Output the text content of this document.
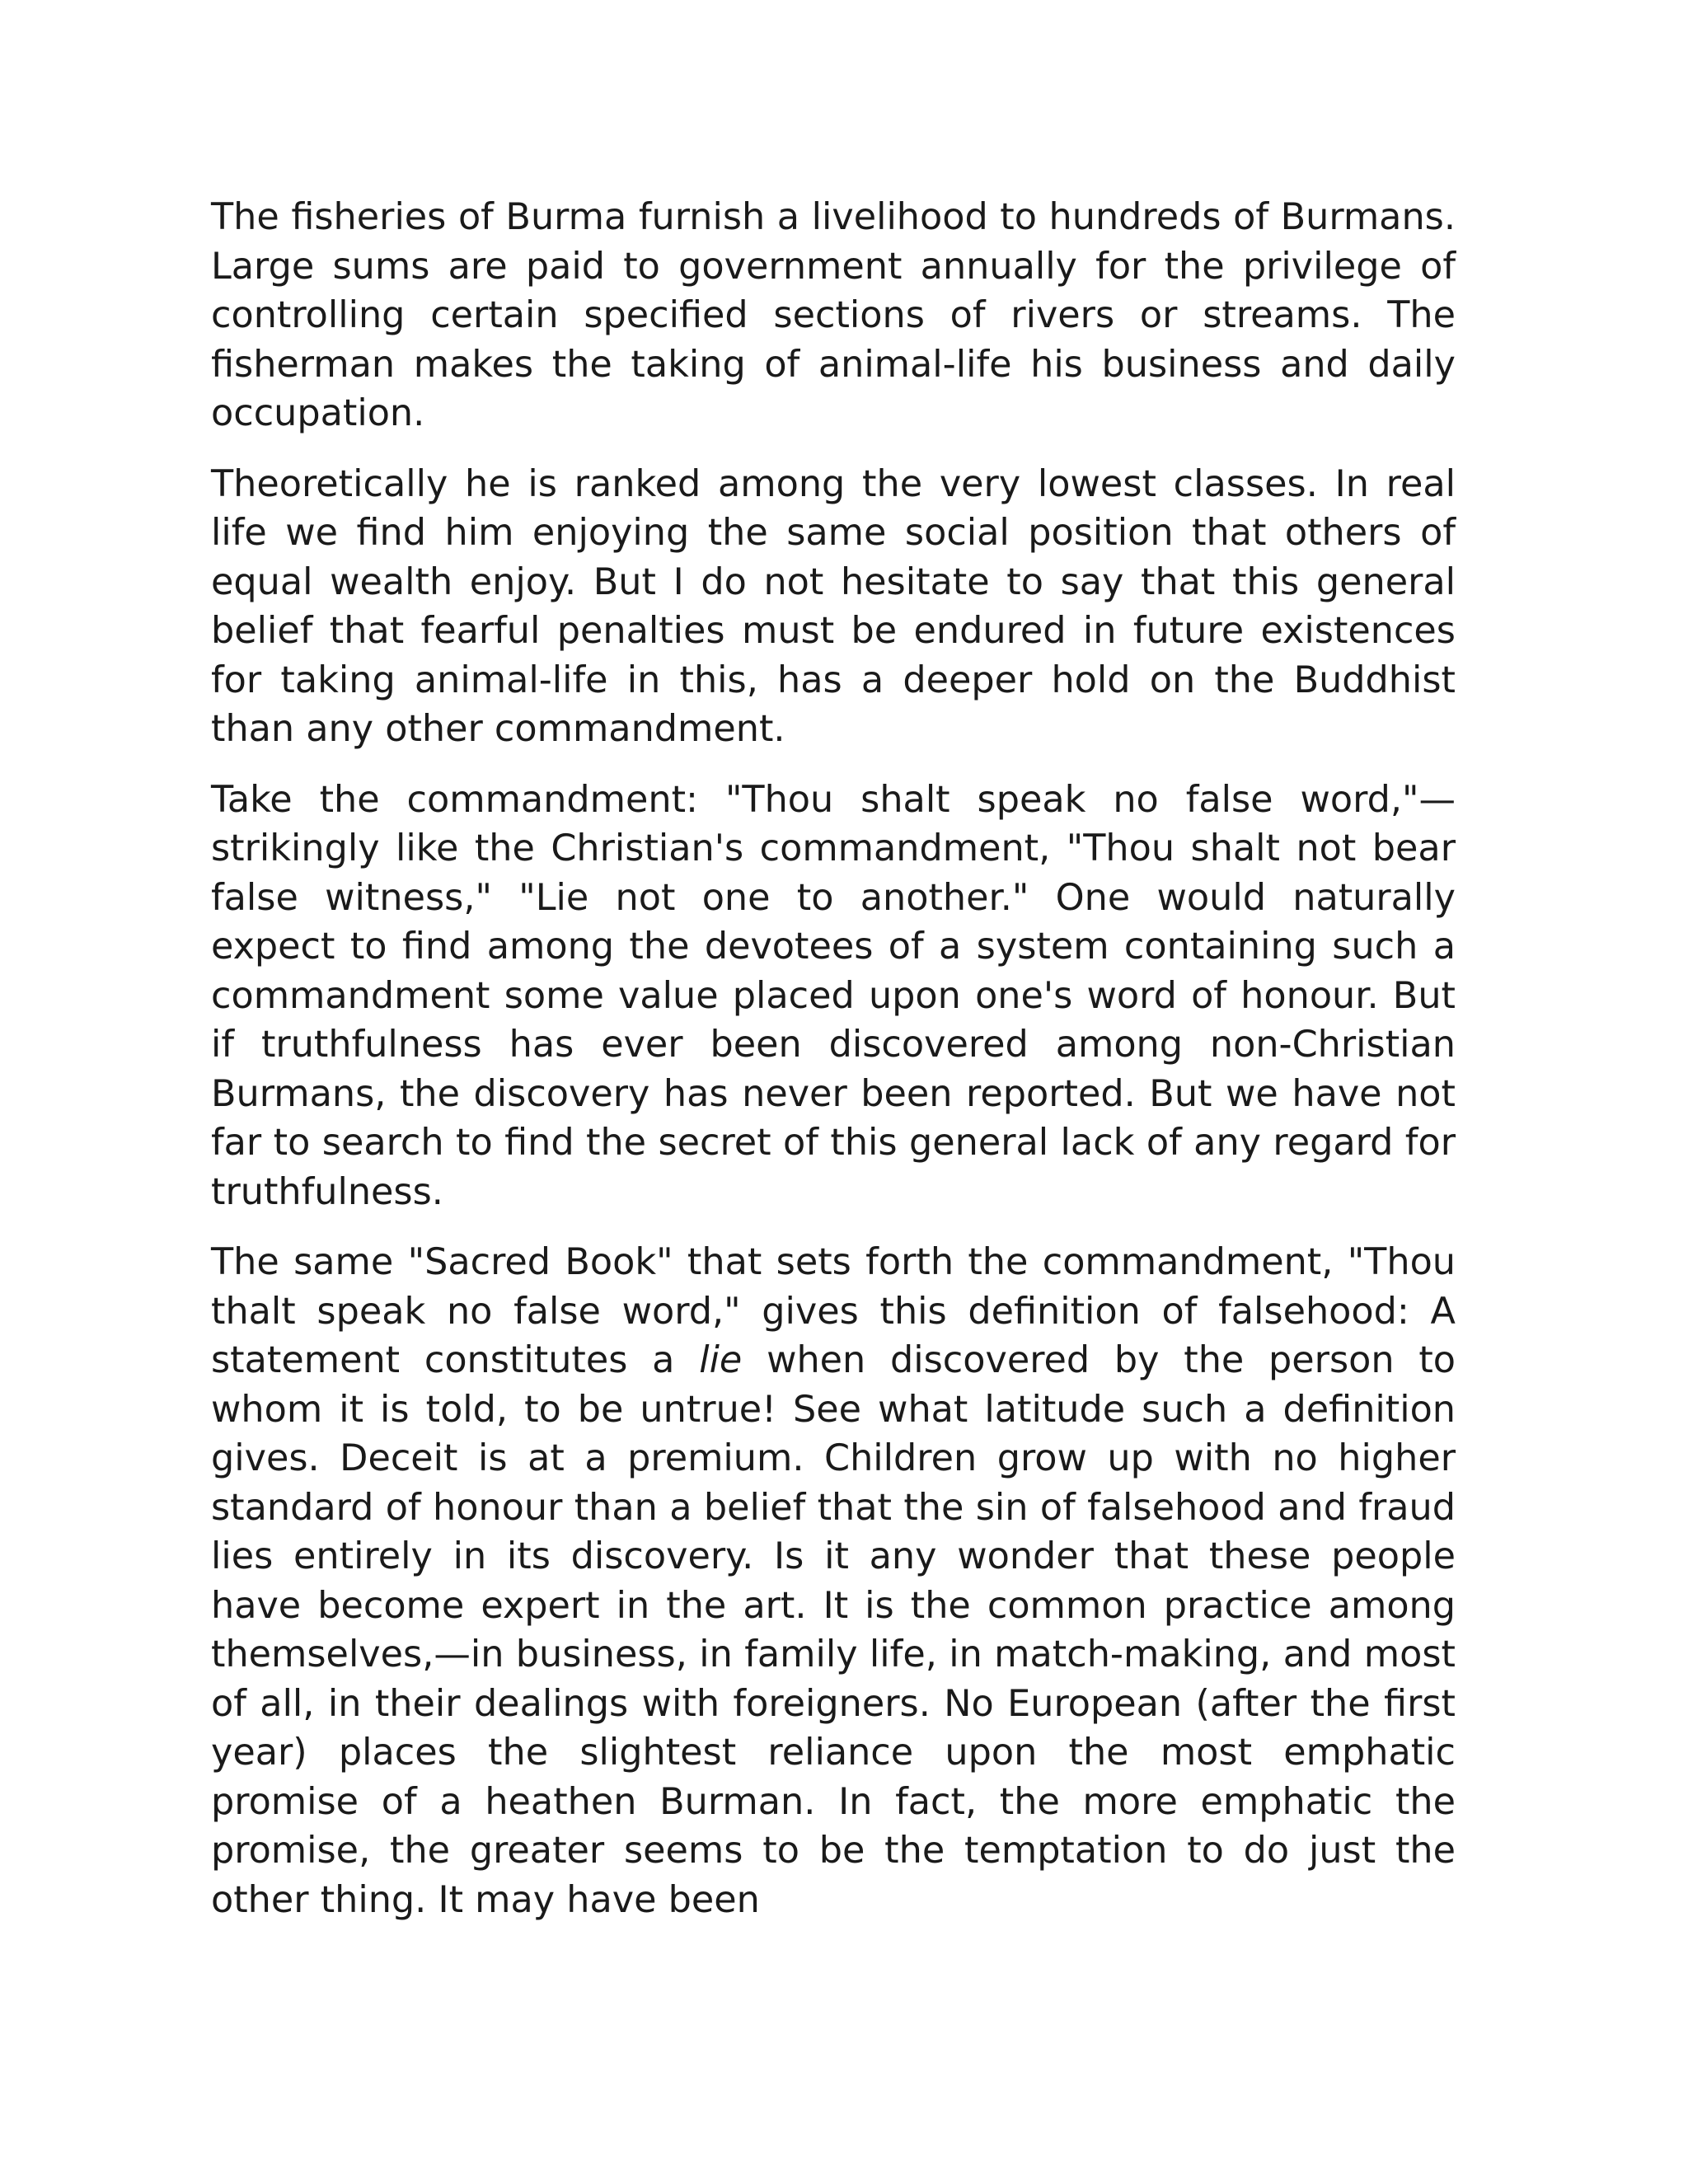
The fisheries of Burma furnish a livelihood to hundreds of Burmans. Large sums are paid to government annually for the privilege of controlling certain specified sections of rivers or streams. The fisherman makes the taking of animal-life his business and daily occupation.

Theoretically he is ranked among the very lowest classes. In real life we find him enjoying the same social position that others of equal wealth enjoy. But I do not hesitate to say that this general belief that fearful penalties must be endured in future existences for taking animal-life in this, has a deeper hold on the Buddhist than any other commandment.

Take the commandment: "Thou shalt speak no false word,"—strikingly like the Christian's commandment, "Thou shalt not bear false witness," "Lie not one to another." One would naturally expect to find among the devotees of a system containing such a commandment some value placed upon one's word of honour. But if truthfulness has ever been discovered among non-Christian Burmans, the discovery has never been reported. But we have not far to search to find the secret of this general lack of any regard for truthfulness.

The same "Sacred Book" that sets forth the commandment, "Thou thalt speak no false word," gives this definition of falsehood: A statement constitutes a lie when discovered by the person to whom it is told, to be untrue! See what latitude such a definition gives. Deceit is at a premium. Children grow up with no higher standard of honour than a belief that the sin of falsehood and fraud lies entirely in its discovery. Is it any wonder that these people have become expert in the art. It is the common practice among themselves,—in business, in family life, in match-making, and most of all, in their dealings with foreigners. No European (after the first year) places the slightest reliance upon the most emphatic promise of a heathen Burman. In fact, the more emphatic the promise, the greater seems to be the temptation to do just the other thing. It may have been
